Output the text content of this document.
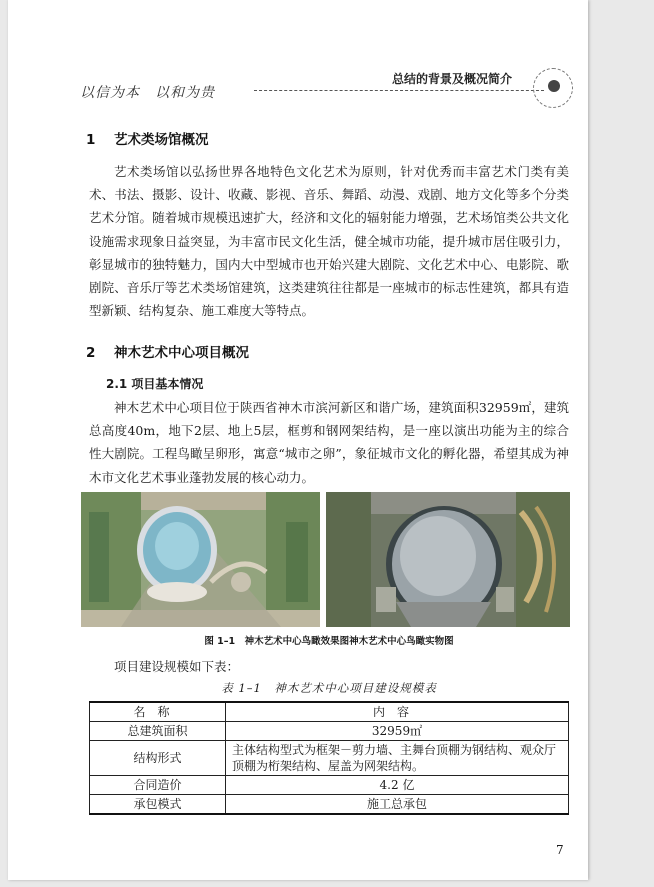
以信为本　以和为贵
总结的背景及概况简介
1 艺术类场馆概况

艺术类场馆以弘扬世界各地特色文化艺术为原则，针对优秀而丰富艺术门类有美术、书法、摄影、设计、收藏、影视、音乐、舞蹈、动漫、戏剧、地方文化等多个分类艺术分馆。随着城市规模迅速扩大，经济和文化的辐射能力增强，艺术场馆类公共文化设施需求现象日益突显，为丰富市民文化生活，健全城市功能，提升城市居住吸引力，彰显城市的独特魅力，国内大中型城市也开始兴建大剧院、文化艺术中心、电影院、歌剧院、音乐厅等艺术类场馆建筑，这类建筑往往都是一座城市的标志性建筑，都具有造型新颖、结构复杂、施工难度大等特点。

2 神木艺术中心项目概况
2.1 项目基本情况

神木艺术中心项目位于陕西省神木市滨河新区和谐广场，建筑面积32959㎡，建筑总高度40m，地下2层、地上5层，框剪和钢网架结构，是一座以演出功能为主的综合性大剧院。工程鸟瞰呈卵形，寓意“城市之卵”，象征城市文化的孵化器，希望其成为神木市文化艺术事业蓬勃发展的核心动力。

图 1–1　神木艺术中心鸟瞰效果图神木艺术中心鸟瞰实物图
项目建设规模如下表：
表 1–1　神木艺术中心项目建设规模表
名称	内容
总建筑面积	32959㎡
结构形式	主体结构型式为框架－剪力墙、主舞台顶棚为钢结构、观众厅顶棚为桁架结构、屋盖为网架结构。
合同造价	4.2 亿
承包模式	施工总承包
7
